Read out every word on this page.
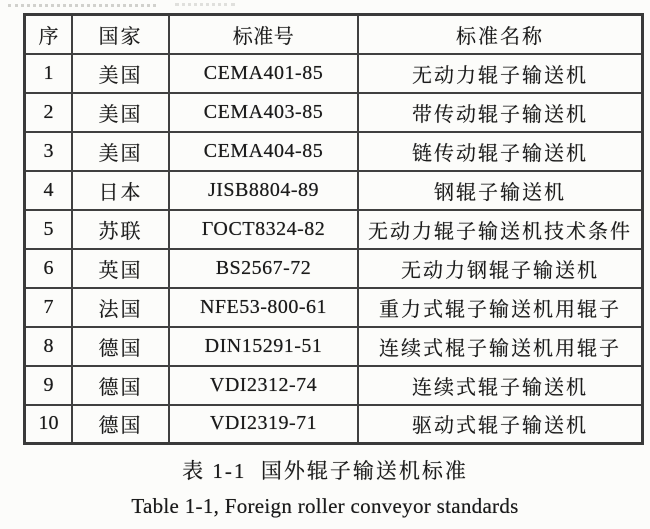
序	国家	标准号	标准名称
1	美国	CEMA401-85	无动力辊子输送机
2	美国	CEMA403-85	带传动辊子输送机
3	美国	CEMA404-85	链传动辊子输送机
4	日本	JISB8804-89	钢辊子输送机
5	苏联	ГОСТ8324-82	无动力辊子输送机技术条件
6	英国	BS2567-72	无动力钢辊子输送机
7	法国	NFE53-800-61	重力式辊子输送机用辊子
8	德国	DIN15291-51	连续式棍子输送机用辊子
9	德国	VDI2312-74	连续式辊子输送机
10	德国	VDI2319-71	驱动式辊子输送机
表 1-1  国外辊子输送机标准
Table 1-1, Foreign roller conveyor standards
